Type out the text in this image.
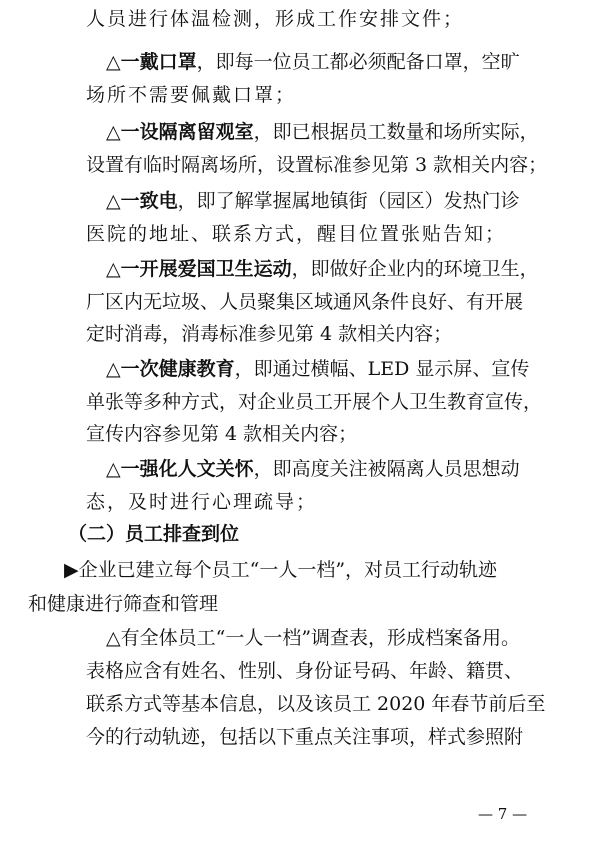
人员进行体温检测，形成工作安排文件；
△一戴口罩，即每一位员工都必须配备口罩，空旷
场所不需要佩戴口罩；
△一设隔离留观室，即已根据员工数量和场所实际，
设置有临时隔离场所，设置标准参见第 3 款相关内容；
△一致电，即了解掌握属地镇街（园区）发热门诊
医院的地址、联系方式，醒目位置张贴告知；
△一开展爱国卫生运动，即做好企业内的环境卫生，
厂区内无垃圾、人员聚集区域通风条件良好、有开展
定时消毒，消毒标准参见第 4 款相关内容；
△一次健康教育，即通过横幅、LED 显示屏、宣传
单张等多种方式，对企业员工开展个人卫生教育宣传，
宣传内容参见第 4 款相关内容；
△一强化人文关怀，即高度关注被隔离人员思想动
态，及时进行心理疏导；
（二）员工排查到位
▶企业已建立每个员工“一人一档”，对员工行动轨迹
和健康进行筛查和管理
△有全体员工“一人一档”调查表，形成档案备用。
表格应含有姓名、性别、身份证号码、年龄、籍贯、
联系方式等基本信息，以及该员工 2020 年春节前后至
今的行动轨迹，包括以下重点关注事项，样式参照附
— 7 —
